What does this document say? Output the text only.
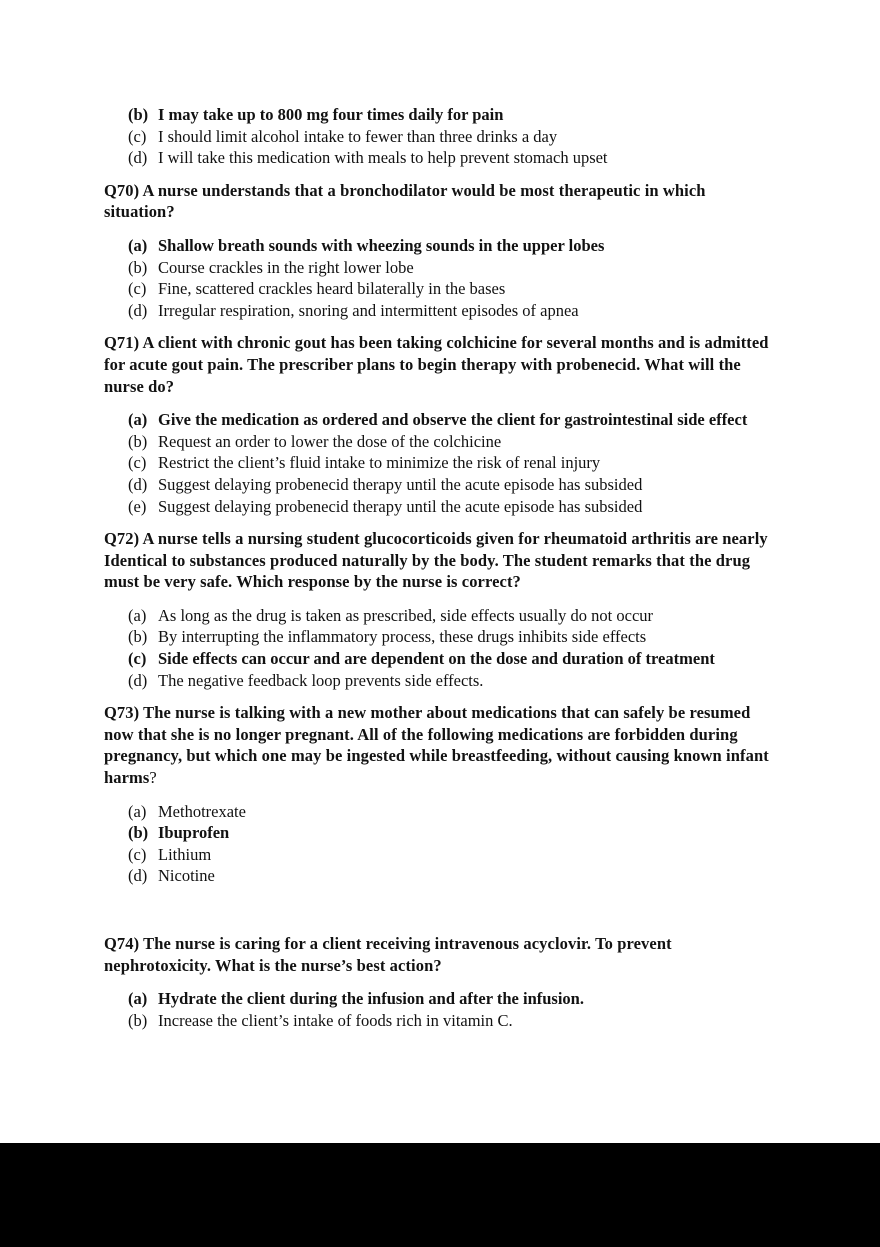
(b) I may take up to 800 mg four times daily for pain
(c) I should limit alcohol intake to fewer than three drinks a day
(d) I will take this medication with meals to help prevent stomach upset

Q70) A nurse understands that a bronchodilator would be most therapeutic in which situation?

(a) Shallow breath sounds with wheezing sounds in the upper lobes
(b) Course crackles in the right lower lobe
(c) Fine, scattered crackles heard bilaterally in the bases
(d) Irregular respiration, snoring and intermittent episodes of apnea

Q71) A client with chronic gout has been taking colchicine for several months and is admitted for acute gout pain. The prescriber plans to begin therapy with probenecid. What will the nurse do?

(a) Give the medication as ordered and observe the client for gastrointestinal side effect
(b) Request an order to lower the dose of the colchicine
(c) Restrict the client’s fluid intake to minimize the risk of renal injury
(d) Suggest delaying probenecid therapy until the acute episode has subsided
(e) Suggest delaying probenecid therapy until the acute episode has subsided

Q72) A nurse tells a nursing student glucocorticoids given for rheumatoid arthritis are nearly Identical to substances produced naturally by the body. The student remarks that the drug must be very safe. Which response by the nurse is correct?

(a) As long as the drug is taken as prescribed, side effects usually do not occur
(b) By interrupting the inflammatory process, these drugs inhibits side effects
(c) Side effects can occur and are dependent on the dose and duration of treatment
(d) The negative feedback loop prevents side effects.

Q73) The nurse is talking with a new mother about medications that can safely be resumed now that she is no longer pregnant. All of the following medications are forbidden during pregnancy, but which one may be ingested while breastfeeding, without causing known infant harms?

(a) Methotrexate
(b) Ibuprofen
(c) Lithium
(d) Nicotine

Q74) The nurse is caring for a client receiving intravenous acyclovir. To prevent nephrotoxicity. What is the nurse’s best action?

(a) Hydrate the client during the infusion and after the infusion.
(b) Increase the client’s intake of foods rich in vitamin C.
